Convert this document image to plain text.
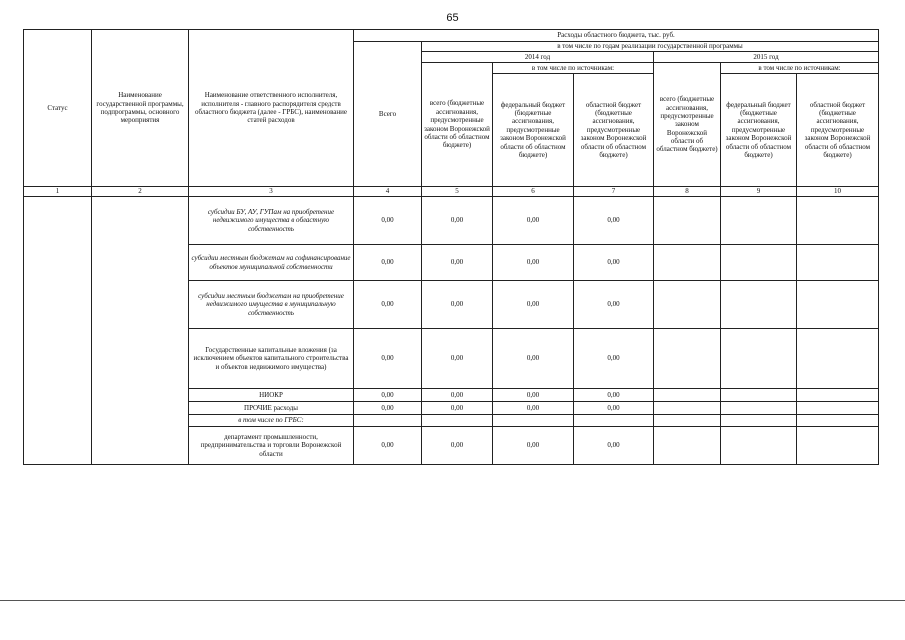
65
Статус	Наименование государственной программы, подпрограммы, основного мероприятия	Наименование ответственного исполнителя, исполнителя - главного распорядителя средств областного бюджета (далее - ГРБС), наименование статей расходов	Расходы областного бюджета, тыс. руб.						
			Всего	в том числе по годам реализации государственной программы					
				2014 год			2015 год		
				всего (бюджетные ассигнования, предусмотренные законом Воронежской области об областном бюджете)	в том числе по источникам:		всего (бюджетные ассигнования, предусмотренные законом Воронежской области об областном бюджете)	в том числе по источникам:	
					федеральный бюджет (бюджетные ассигнования, предусмотренные законом Воронежской области об областном бюджете)	областной бюджет (бюджетные ассигнования, предусмотренные законом Воронежской области об областном бюджете)		федеральный бюджет (бюджетные ассигнования, предусмотренные законом Воронежской области об областном бюджете)	областной бюджет (бюджетные ассигнования, предусмотренные законом Воронежской области об областном бюджете)
1	2	3	4	5	6	7	8	9	10
		субсидии БУ, АУ, ГУПам на приобретение недвижимого имущества в областную собственность	0,00	0,00	0,00	0,00			
		субсидии местным бюджетам на софинансирование объектов муниципальной собственности	0,00	0,00	0,00	0,00			
		субсидии местным бюджетам на приобретение недвижимого имущества в муниципальную собственность	0,00	0,00	0,00	0,00			
		Государственные капитальные вложения (за исключением объектов капитального строительства и объектов недвижимого имущества)	0,00	0,00	0,00	0,00			
		НИОКР	0,00	0,00	0,00	0,00			
		ПРОЧИЕ расходы	0,00	0,00	0,00	0,00			
		в том числе по ГРБС:							
		департамент промышленности, предпринимательства и торговли Воронежской области	0,00	0,00	0,00	0,00			
